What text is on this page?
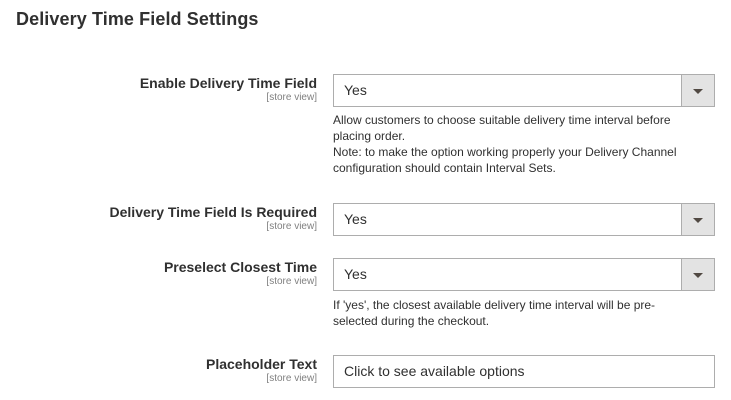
Delivery Time Field Settings
Enable Delivery Time Field
[store view] Yes
Allow customers to choose suitable delivery time interval before
placing order.
Note: to make the option working properly your Delivery Channel
configuration should contain Interval Sets.
Delivery Time Field Is Required
[store view] Yes
Preselect Closest Time
[store view] Yes
If 'yes', the closest available delivery time interval will be pre-
selected during the checkout.
Placeholder Text
[store view] Click to see available options
